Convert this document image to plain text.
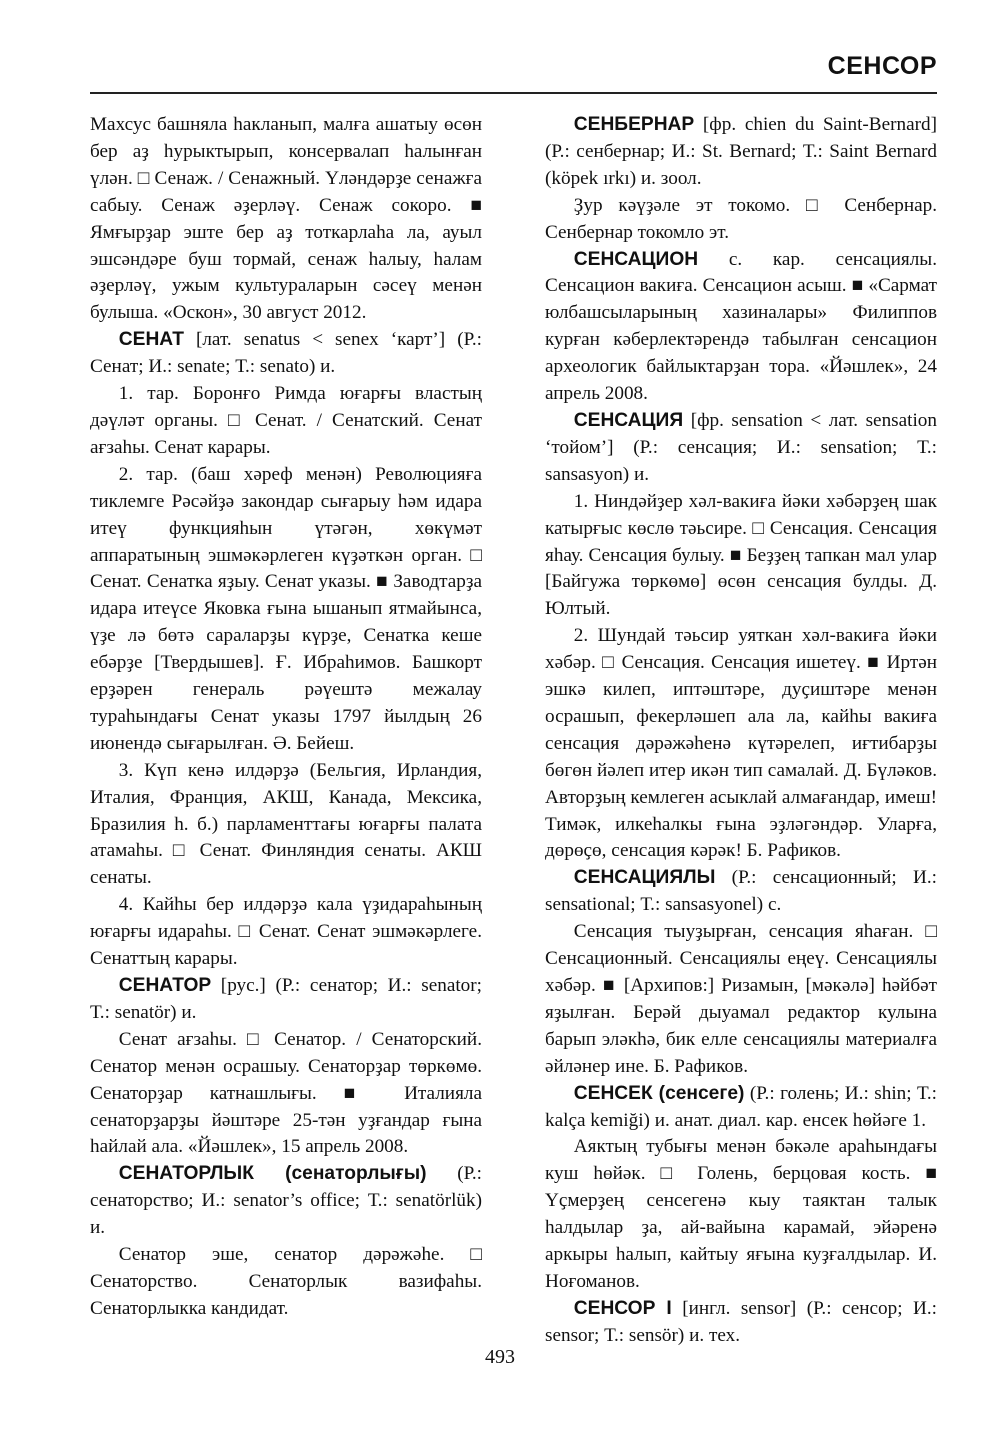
СЕНСОР

Махсус башняла һакланып, малға ашатыу өсөн бер аҙ һурыктырып, консервалап һалынған үлән. □ Сенаж. / Сенажный. Үләндәрҙе сенажға сабыу. Сенаж әҙерләү. Сенаж сокоро. ■ Ямғырҙар эште бер аҙ тоткарлаһа ла, ауыл эшсәндәре буш тормай, сенаж һалыу, һалам әҙерләү, ужым культураларын сәсеү менән булыша. «Оскон», 30 август 2012.

СЕНАТ [лат. senatus < senex ‘карт’] (Р.: Сенат; И.: senate; Т.: senato) и.

1. тар. Боронғо Римда юғарғы властың дәүләт органы. □ Сенат. / Сенатский. Сенат ағзаһы. Сенат карары.

2. тар. (баш хәреф менән) Революцияға тиклемге Рәсәйҙә закондар сығарыу һәм идара итеү функцияһын үтәгән, хөкүмәт аппаратының эшмәкәрлеген күҙәткән орган. □ Сенат. Сенатка яҙыу. Сенат указы. ■ Заводтарҙа идара итеүсе Яковка ғына ышанып ятмайынса, үҙе лә бөтә сараларҙы күрҙе, Сенатка кеше ебәрҙе [Твердышев]. Ғ. Ибраһимов. Башкорт ерҙәрен генераль рәүештә межалау тураһындағы Сенат указы 1797 йылдың 26 июнендә сығарылған. Ә. Бейеш.

3. Күп кенә илдәрҙә (Бельгия, Ирландия, Италия, Франция, АКШ, Канада, Мексика, Бразилия һ. б.) парламенттағы юғарғы палата атамаһы. □ Сенат. Финляндия сенаты. АКШ сенаты.

4. Кайһы бер илдәрҙә кала үҙидараһының юғарғы идараһы. □ Сенат. Сенат эшмәкәрлеге. Сенаттың карары.

СЕНАТОР [рус.] (Р.: сенатор; И.: senator; Т.: senatör) и.

Сенат ағзаһы. □ Сенатор. / Сенаторский. Сенатор менән осрашыу. Сенаторҙар төркөмө. Сенаторҙар катнашлығы. ■ Италияла сенаторҙарҙы йәштәре 25-тән уҙғандар ғына һайлай ала. «Йәшлек», 15 апрель 2008.

СЕНАТОРЛЫК (сенаторлығы) (Р.: сенаторство; И.: senator’s office; Т.: senatörlük) и.

Сенатор эше, сенатор дәрәжәһе. □ Сенаторство. Сенаторлык вазифаһы. Сенаторлыкка кандидат.

СЕНБЕРНАР [фр. chien du Saint-Bernard] (Р.: сенбернар; И.: St. Bernard; Т.: Saint Bernard (köpek ırkı) и. зоол.

Ҙур кәүҙәле эт токомо. □ Сенбернар. Сенбернар токомло эт.

СЕНСАЦИОН с. кар. сенсациялы. Сенсацион вакиға. Сенсацион асыш. ■ «Сармат юлбашсыларының хазиналары» Филиппов курған кәберлектәрендә табылған сенсацион археологик байлыктарҙан тора. «Йәшлек», 24 апрель 2008.

СЕНСАЦИЯ [фр. sensation < лат. sensation ‘тойом’] (Р.: сенсация; И.: sensation; Т.: sansasyon) и.

1. Ниндәйҙер хәл-вакиға йәки хәбәрҙең шак катырғыс көслө тәьсире. □ Сенсация. Сенсация яһау. Сенсация булыу. ■ Беҙҙең тапкан мал улар [Байгужа төркөмө] өсөн сенсация булды. Д. Юлтый.

2. Шундай тәьсир уяткан хәл-вакиға йәки хәбәр. □ Сенсация. Сенсация ишетеү. ■ Иртән эшкә килеп, иптәштәре, дуҫиштәре менән осрашып, фекерләшеп ала ла, кайһы вакиға сенсация дәрәжәһенә күтәрелеп, иғтибарҙы бөгөн йәлеп итер икән тип самалай. Д. Бүләков. Авторҙың кемлеген асыклай алмағандар, имеш! Тимәк, илкеһалкы ғына эҙләгәндәр. Уларға, дөрөҫө, сенсация кәрәк! Б. Рафиков.

СЕНСАЦИЯЛЫ (Р.: сенсационный; И.: sensational; Т.: sansasyonel) с.

Сенсация тыуҙырған, сенсация яһаған. □ Сенсационный. Сенсациялы еңеү. Сенсациялы хәбәр. ■ [Архипов:] Ризамын, [мәкәлә] һәйбәт яҙылған. Берәй дыуамал редактор кулына барып эләкһә, бик елле сенсациялы материалға әйләнер ине. Б. Рафиков.

СЕНСЕК (сенсеге) (Р.: голень; И.: shin; Т.: kalça kemiği) и. анат. диал. кар. енсек һөйәге 1.

Аяктың тубығы менән бәкәле араһындағы куш һөйәк. □ Голень, берцовая кость. ■ Үҫмерҙең сенсегенә кыу таяктан талык һалдылар ҙа, ай-вайына карамай, эйәренә аркыры һалып, кайтыу яғына куҙғалдылар. И. Ноғоманов.

СЕНСОР I [ингл. sensor] (Р.: сенсор; И.: sensor; Т.: sensör) и. тех.

493
